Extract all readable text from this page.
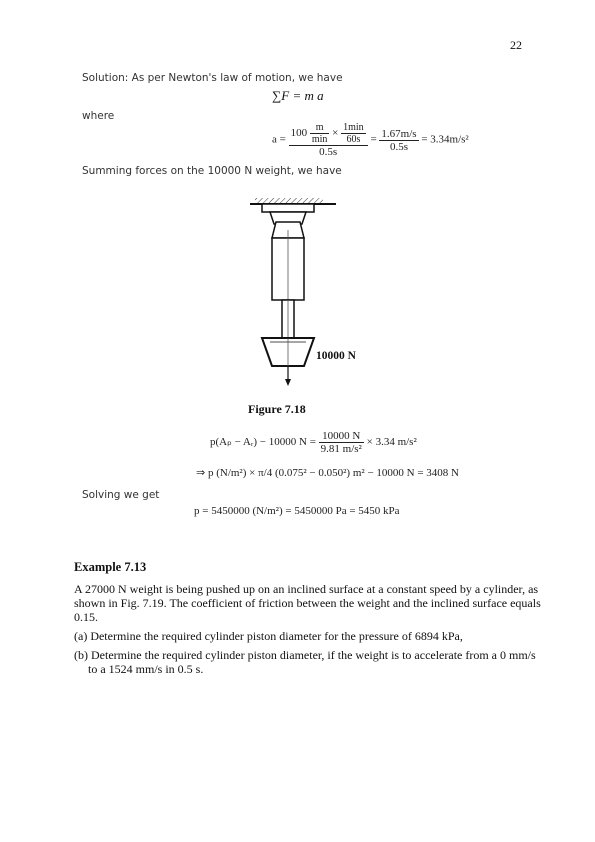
22
Solution: As per Newton's law of motion, we have
∑F = m a
where
a =
$100 \frac{m}{\min} \times \frac{1\min}{60s}$
0.5s
= $\frac{1.67m/s}{0.5s} = 3.34m/s^2$
Summing forces on the 10000 N weight, we have
10000 N
Figure 7.18
p(Aₚ − Aᵣ) − 10000 $N = \frac{10000 N}{\text{9.81 m/s²}} \times 3.34$ m/s²
⇒ p (N/m²) × π/4 (0.075² − 0.050²) m² − 10000 N = 3408 N
Solving we get
p = 5450000 (N/m²) = 5450000 Pa = 5450 kPa
Example 7.13

A 27000 N weight is being pushed up on an inclined surface at a constant speed by a cylinder, as shown in Fig. 7.19. The coefficient of friction between the weight and the inclined surface equals 0.15.

(a) Determine the required cylinder piston diameter for the pressure of 6894 kPa,

(b) Determine the required cylinder piston diameter, if the weight is to accelerate from a 0 mm/s to a 1524 mm/s in 0.5 s.
